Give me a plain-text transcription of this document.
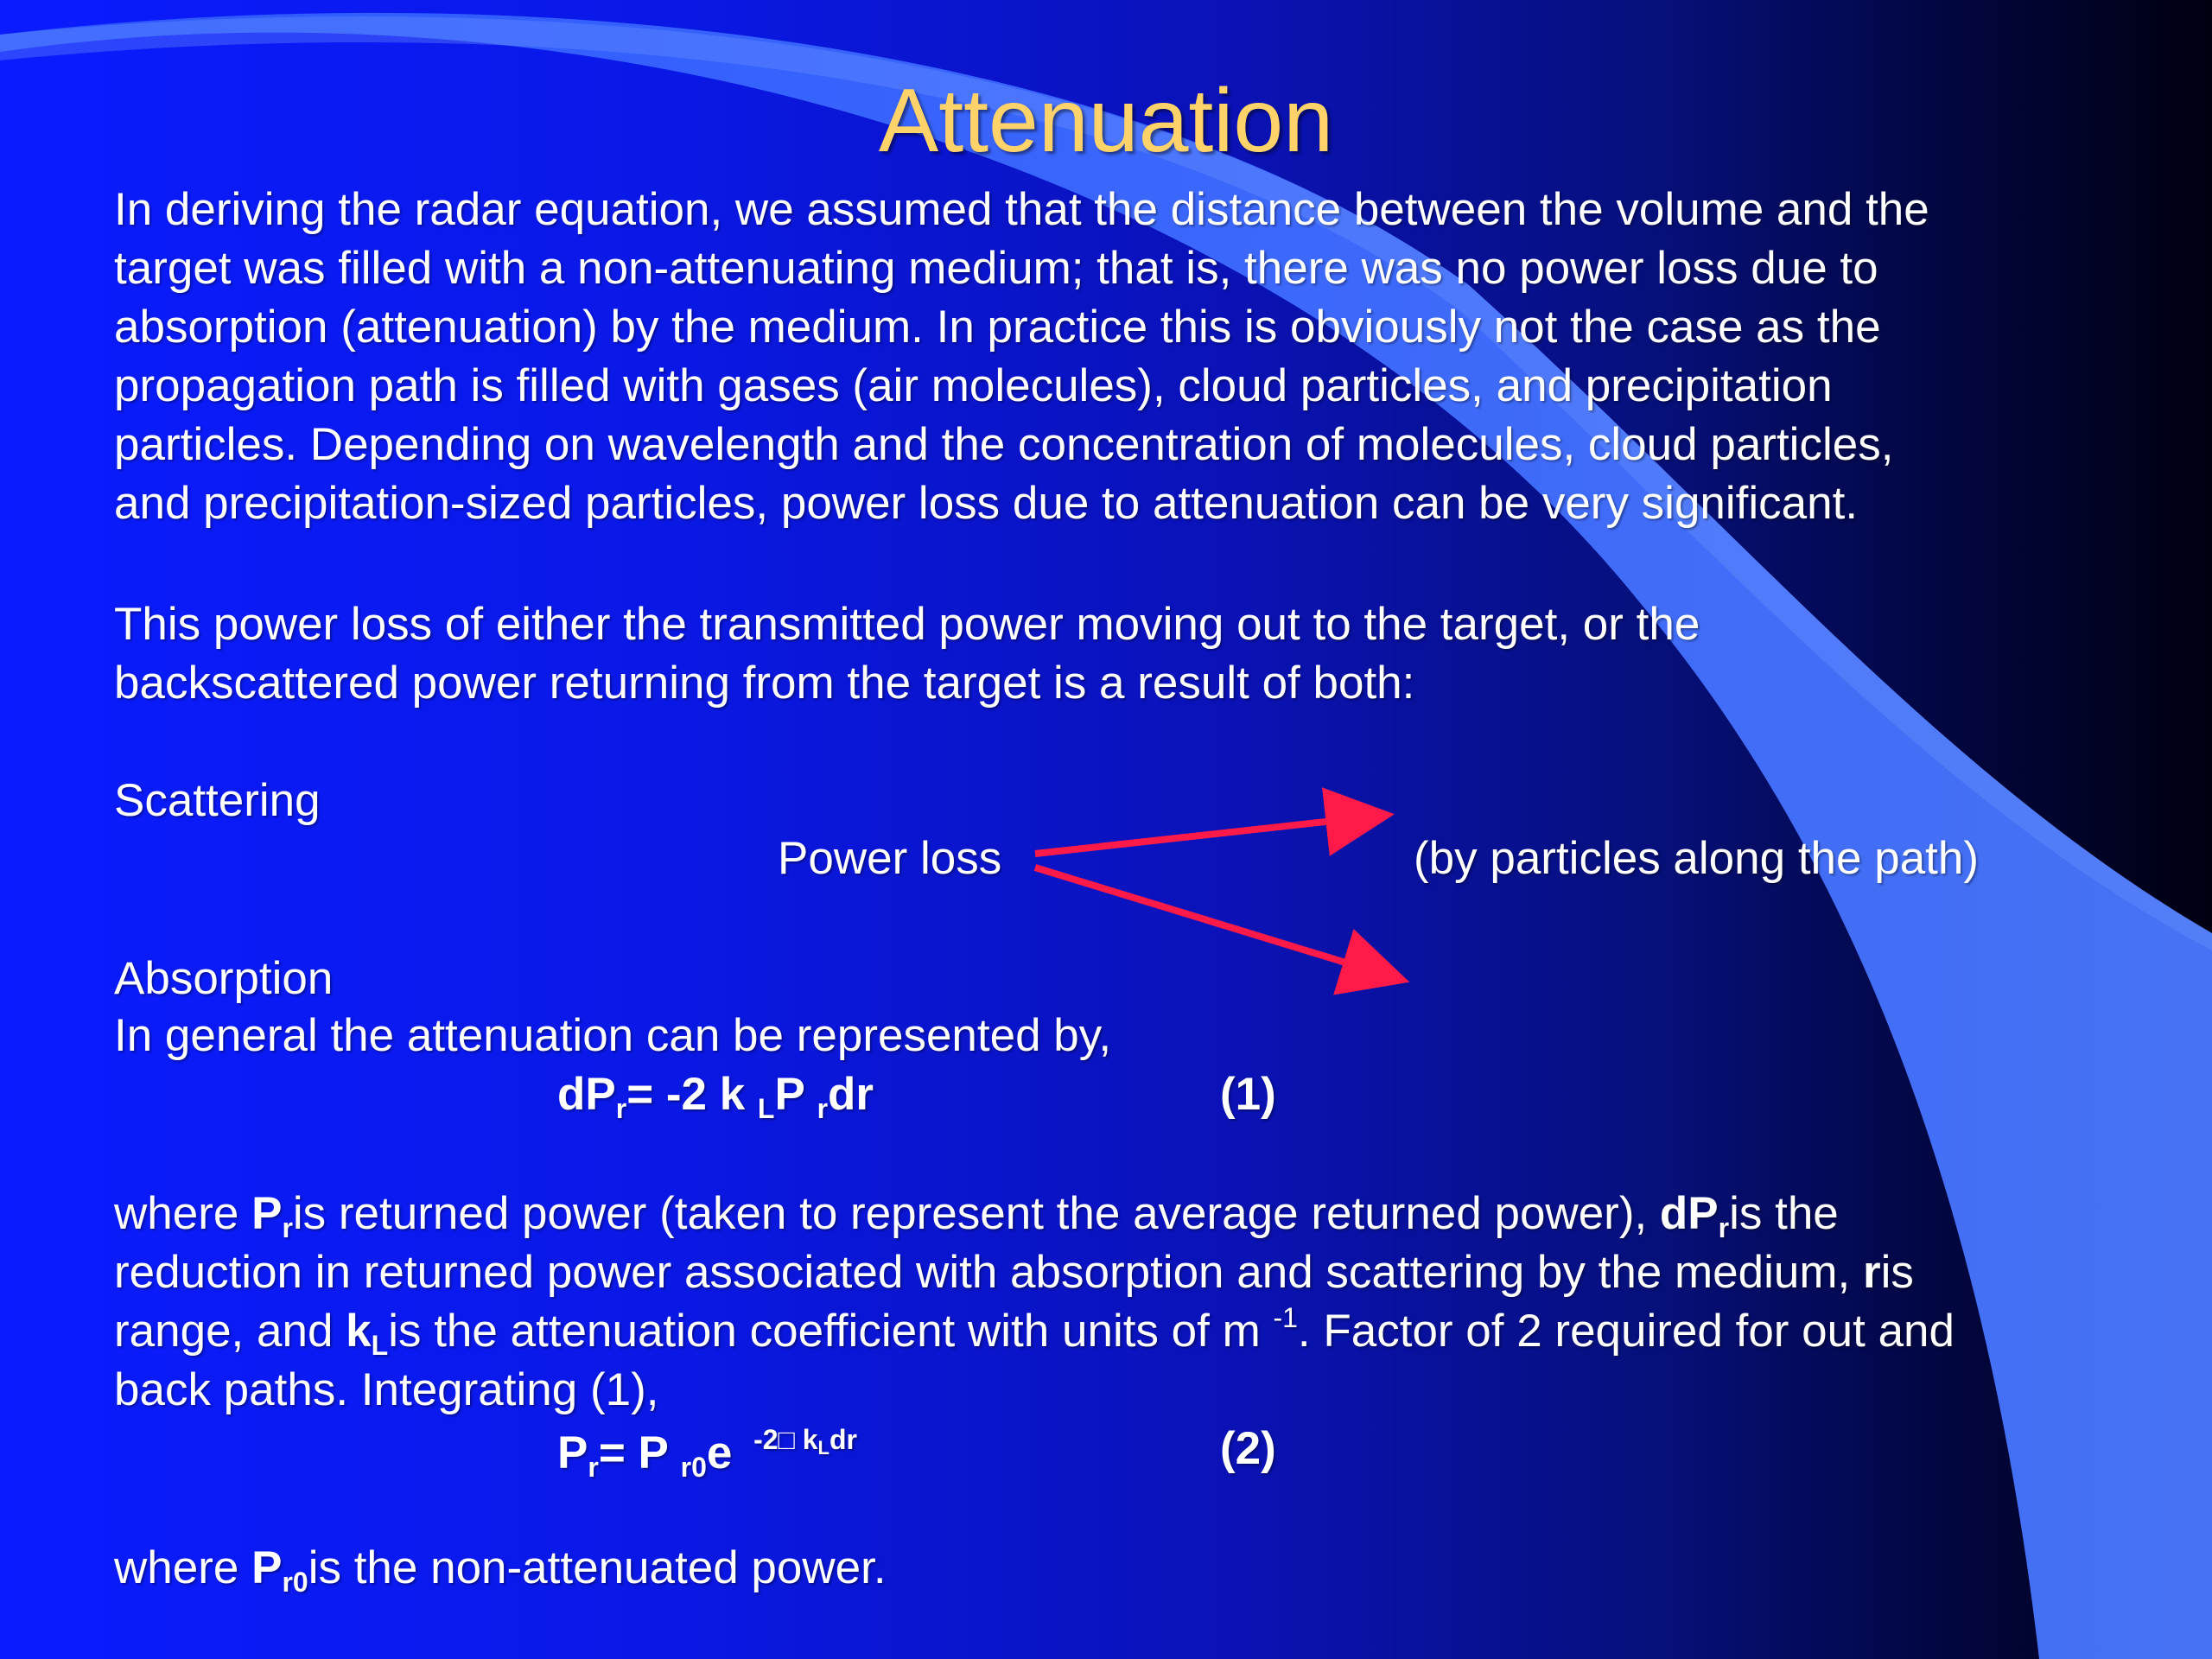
Attenuation
In deriving the radar equation, we assumed that the distance between the volume and the
target was filled with a non-attenuating medium; that is, there was no power loss due to
absorption (attenuation) by the medium. In practice this is obviously not the case as the
propagation path is filled with gases (air molecules), cloud particles, and precipitation
particles. Depending on wavelength and the concentration of molecules, cloud particles,
and precipitation-sized particles, power loss due to attenuation can be very significant.
This power loss of either the transmitted power moving out to the target, or the
backscattered power returning from the target is a result of both:
Scattering
Power loss	(by particles along the path)
Absorption
In general the attenuation can be represented by,
$dP_r= -2$ k $_L$P $_r$dr	(1)
where $P_ris$ returned power (taken to represent the average returned power), $dP_ris$ the
reduction in returned power associated with absorption and scattering by the medium, ris
range, and $k_Lis$ the attenuation coefficient with units of m $^{-1}$. Factor of 2 required for out and
back paths. Integrating (1),
$P_r= P$ $_{r0}$e $^{-2□ kLdr}$	(2)
where $P_{r0}is$ the non-attenuated power.
